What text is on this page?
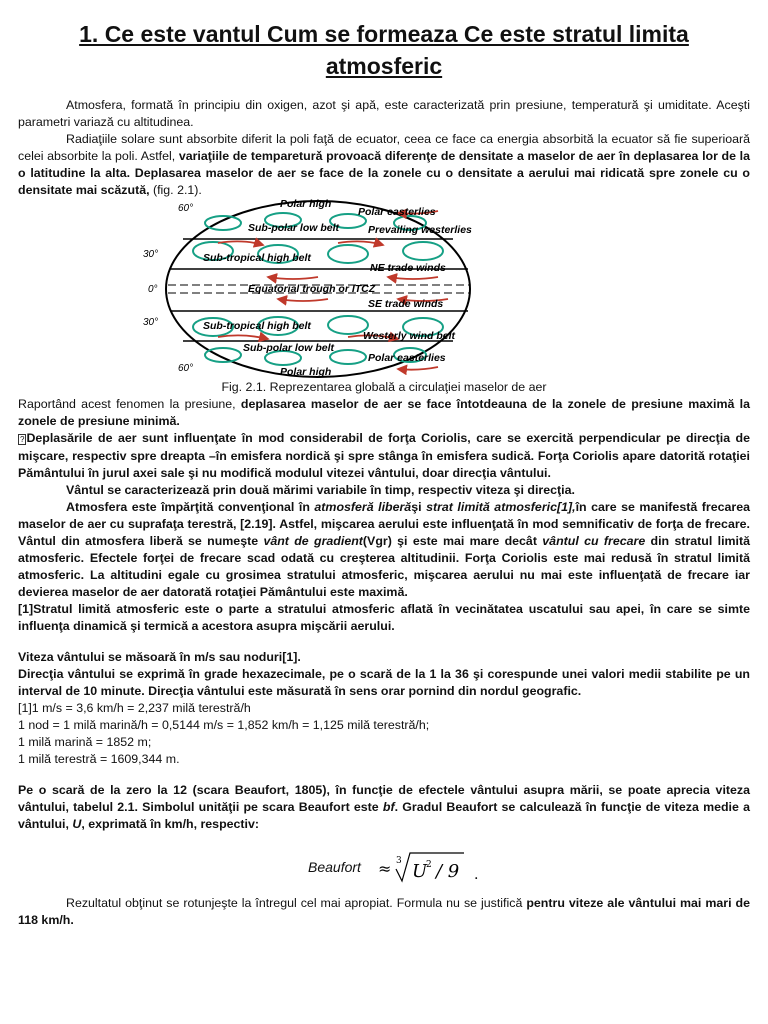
1. Ce este vantul Cum se formeaza Ce este stratul limita
atmosferic

Atmosfera, formată în principiu din oxigen, azot şi apă, este caracterizată prin presiune, temperatură şi umiditate. Aceşti parametri variază cu altitudinea.

Radiaţiile solare sunt absorbite diferit la poli faţă de ecuator, ceea ce face ca energia absorbită la ecuator să fie superioară celei absorbite la poli. Astfel, variaţiile de tempareturǎ provoacă diferenţe de densitate a maselor de aer în deplasarea lor de la o latitudine la alta. Deplasarea maselor de aer se face de la zonele cu o densitate a aerului mai ridicată spre zonele cu o densitate mai scăzută, (fig. 2.1).

60°
30°
0°
30°
60°
Polar high
Polar easterlies
Sub-polar low belt	Prevailing westerlies
Sub-tropical high belt
NE trade winds
Equatorial trough or ITCZ
SE trade winds
Sub-tropical high belt
Westerly wind belt
Sub-polar low belt
Polar easterlies
Polar high

Fig. 2.1. Reprezentarea globală a circulaţiei maselor de aer

Raportând acest fenomen la presiune, deplasarea maselor de aer se face întotdeauna de la zonele de presiune maximă la zonele de presiune minimă.

? Deplasările de aer sunt influenţate în mod considerabil de forţa Coriolis, care se exercită perpendicular pe direcţia de mişcare, respectiv spre dreapta –în emisfera nordică şi spre stânga în emisfera sudică. Forţa Coriolis apare datorită rotaţiei Pământului în jurul axei sale şi nu modifică modulul vitezei vântului, doar direcţia vântului.

Vântul se caracterizează prin două mărimi variabile în timp, respectiv viteza şi direcţia.

Atmosfera este împărţită convenţional în atmosferă liberăşi strat limită atmosferic[1],în care se manifestă frecarea maselor de aer cu suprafaţa terestră, [2.19]. Astfel, mişcarea aerului este influenţată în mod semnificativ de forţa de frecare. Vântul din atmosfera liberă se numeşte vânt de gradient(Vgr) şi este mai mare decât vântul cu frecare din stratul limită atmosferic. Efectele forţei de frecare scad odată cu creşterea altitudinii. Forţa Coriolis este mai redusă în stratul limită atmosferic. La altitudini egale cu grosimea stratului atmosferic, mişcarea aerului nu mai este influenţată de frecare iar devierea maselor de aer datorată rotaţiei Pământului este maximă.

[1]Stratul limită atmosferic este o parte a stratului atmosferic aflată în vecinătatea uscatului sau apei, în care se simte influenţa dinamică şi termică a acestora asupra mişcării aerului.

Viteza vântului se măsoară în m/s sau noduri[1].

Direcţia vântului se exprimă în grade hexazecimale, pe o scară de la 1 la 36 şi corespunde unei valori medii stabilite pe un interval de 10 minute. Direcţia vântului este măsurată în sens orar pornind din nordul geografic.

[1]1 m/s = 3,6 km/h = 2,237 milă terestră/h

1 nod = 1 milă marină/h = 0,5144 m/s = 1,852 km/h = 1,125 milă terestră/h;

1 milă marină = 1852 m;

1 milă terestră = 1609,344 m.

Pe o scară de la zero la 12 (scara Beaufort, 1805), în funcţie de efectele vântului asupra mării, se poate aprecia viteza vântului, tabelul 2.1. Simbolul unităţii pe scara Beaufort este bf. Gradul Beaufort se calculează în funcţie de viteza medie a vântului, U, exprimată în km/h, respectiv:

Beaufort ≈ 3 U
2 / 9 .

Rezultatul obţinut se rotunjeşte la întregul cel mai apropiat. Formula nu se justifică pentru viteze ale vântului mai mari de 118 km/h.
